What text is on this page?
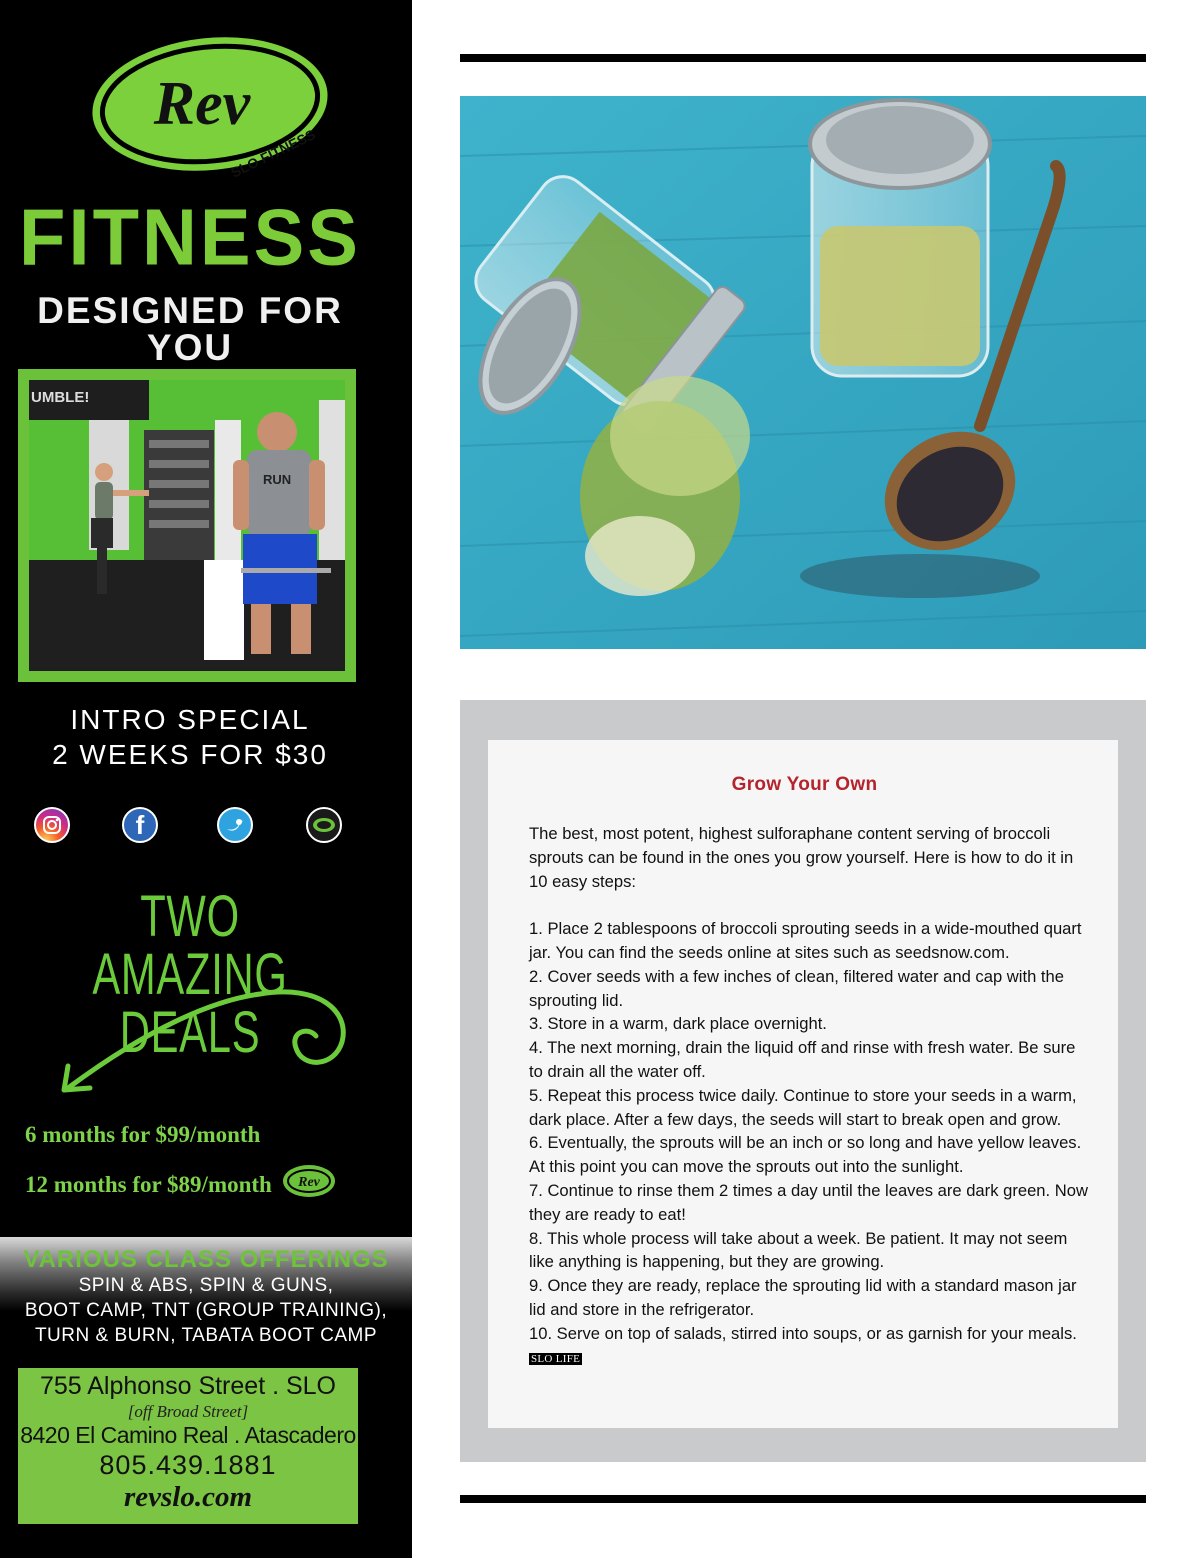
Rev
SLO FITNESS
FITNESS
DESIGNED FOR YOU
UMBLE!
RUN
INTRO SPECIAL
2 WEEKS FOR $30
f
TWO AMAZING DEALS
6 months for $99/month
12 months for $89/month Rev
VARIOUS CLASS OFFERINGS
SPIN & ABS, SPIN & GUNS,
BOOT CAMP, TNT (GROUP TRAINING),
TURN & BURN, TABATA BOOT CAMP
755 Alphonso Street . SLO
[off Broad Street]
8420 El Camino Real . Atascadero
805.439.1881
revslo.com
Grow Your Own

The best, most potent, highest sulforaphane content serving of broccoli sprouts can be found in the ones you grow yourself. Here is how to do it in 10 easy steps:

1. Place 2 tablespoons of broccoli sprouting seeds in a wide-mouthed quart jar. You can find the seeds online at sites such as seedsnow.com.

2. Cover seeds with a few inches of clean, filtered water and cap with the sprouting lid.

3. Store in a warm, dark place overnight.

4. The next morning, drain the liquid off and rinse with fresh water. Be sure to drain all the water off.

5. Repeat this process twice daily. Continue to store your seeds in a warm, dark place. After a few days, the seeds will start to break open and grow.

6. Eventually, the sprouts will be an inch or so long and have yellow leaves. At this point you can move the sprouts out into the sunlight.

7. Continue to rinse them 2 times a day until the leaves are dark green. Now they are ready to eat!

8. This whole process will take about a week. Be patient. It may not seem like anything is happening, but they are growing.

9. Once they are ready, replace the sprouting lid with a standard mason jar lid and store in the refrigerator.

10. Serve on top of salads, stirred into soups, or as garnish for your meals. SLO LIFE
